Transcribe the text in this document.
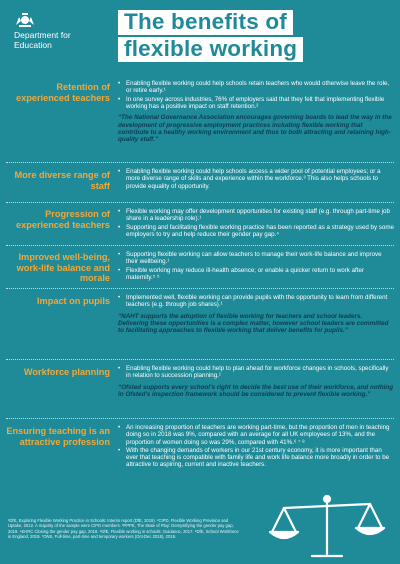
Department for Education
The benefits of
flexible working
Retention of experienced teachers
• Enabling flexible working could help schools retain teachers who would otherwise leave the role, or retire early.¹
• In one survey across industries, 76% of employers said that they felt that implementing flexible working has a positive impact on staff retention.²
“The National Governance Association encourages governing boards to lead the way in the development of progressive employment practices including flexible working that contribute to a healthy working environment and thus to both attracting and retaining high-quality staff.”
More diverse range of staff
• Enabling flexible working could help schools access a wider pool of potential employees; or a more diverse range of skills and experience within the workforce.³ This also helps schools to provide equality of opportunity.
Progression of experienced teachers
• Flexible working may offer development opportunities for existing staff (e.g. through part-time job share in a leadership role).¹
• Supporting and facilitating flexible working practice has been reported as a strategy used by some employers to try and help reduce their gender pay gap.⁴
Improved well-being, work-life balance and morale
• Supporting flexible working can allow teachers to manage their work-life balance and improve their wellbeing.¹
• Flexible working may reduce ill-health absence; or enable a quicker return to work after maternity.⁵ ⁶
Impact on pupils	• Implemented well, flexible working can provide pupils with the opportunity to learn from different teachers (e.g. through job shares).¹
“NAHT supports the adoption of flexible working for teachers and school leaders. Delivering these opportunities is a complex matter, however school leaders are committed to facilitating approaches to flexible working that deliver benefits for pupils.”
Workforce planning	• Enabling flexible working could help to plan ahead for workforce changes in schools, specifically in relation to succession planning.¹
“Ofsted supports every school's right to decide the best use of their workforce, and nothing in Ofsted's inspection framework should be considered to prevent flexible working.”
Ensuring teaching is an attractive profession
• An increasing proportion of teachers are working part-time, but the proportion of men in teaching doing so in 2018 was 9%, compared with an average for all UK employees of 13%, and the proportion of women doing so was 29%, compared with 41%.⁶ ⁷ ⁸
• With the changing demands of workers in our 21st century economy, it is more important than ever that teaching is compatible with family life and work life balance more broadly in order to be attractive to aspiring, current and inactive teachers.
¹DfE, Exploring Flexible Working Practice in Schools: Interim report (DfE, 2019). ²CIPD, Flexible Working Provision and Uptake, 2012. A majority of the sample were CIPD members. ³PPPE, The State of Play: Demystifying the gender pay gap, 2019. ⁴EHRC Closing the gender pay gap, 2018. ⁵DfE, Flexible working in schools: Guidance, 2017. ⁶DfE, School Workforce in England, 2019. ⁷ONS, Full-time, part-time and temporary workers (Oct-Dec 2018), 2019.
